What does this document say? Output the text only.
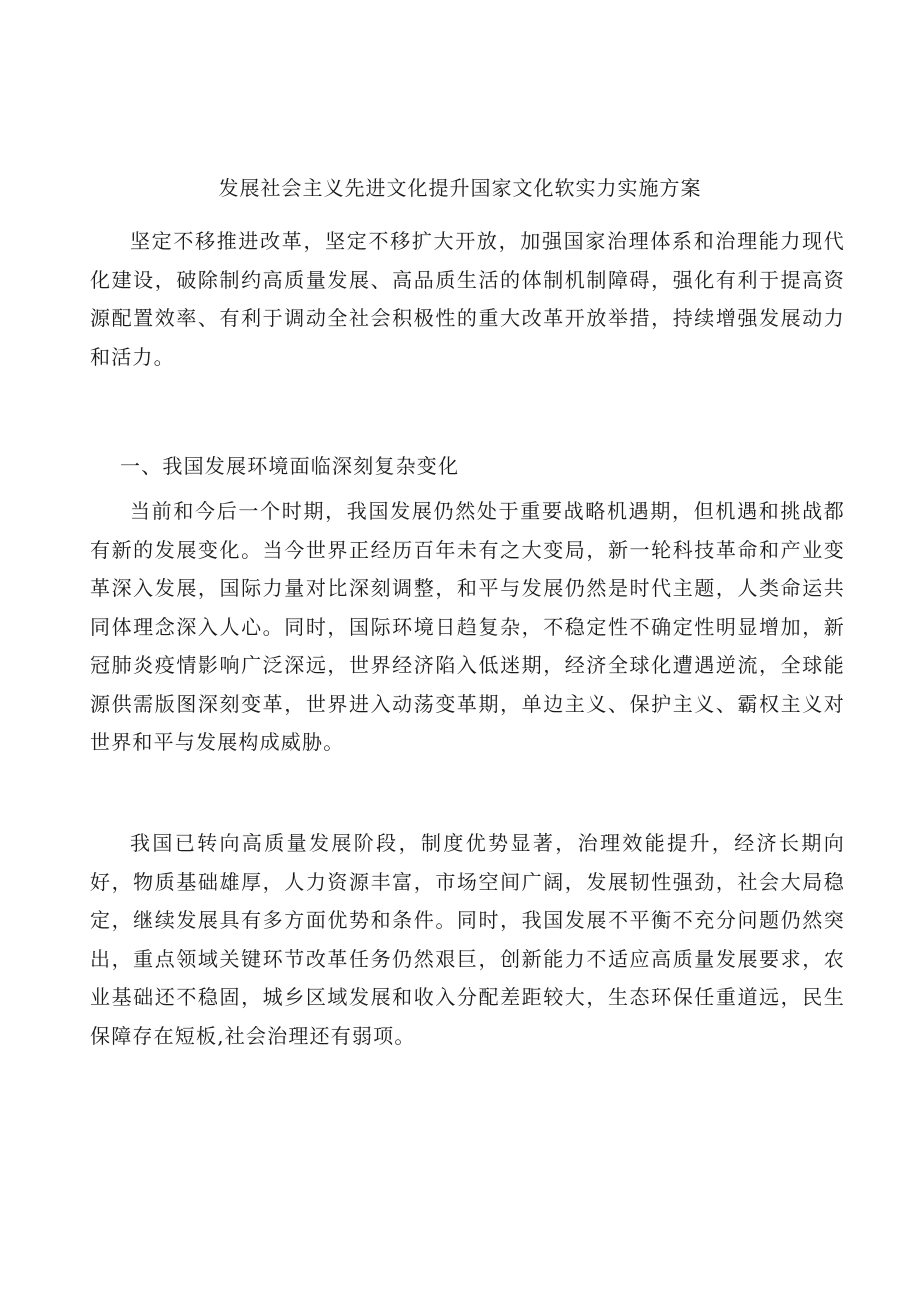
发展社会主义先进文化提升国家文化软实力实施方案

坚定不移推进改革，坚定不移扩大开放，加强国家治理体系和治理能力现代化建设，破除制约高质量发展、高品质生活的体制机制障碍，强化有利于提高资源配置效率、有利于调动全社会积极性的重大改革开放举措，持续增强发展动力和活力。

一、我国发展环境面临深刻复杂变化

当前和今后一个时期，我国发展仍然处于重要战略机遇期，但机遇和挑战都有新的发展变化。当今世界正经历百年未有之大变局，新一轮科技革命和产业变革深入发展，国际力量对比深刻调整，和平与发展仍然是时代主题，人类命运共同体理念深入人心。同时，国际环境日趋复杂，不稳定性不确定性明显增加，新冠肺炎疫情影响广泛深远，世界经济陷入低迷期，经济全球化遭遇逆流，全球能源供需版图深刻变革，世界进入动荡变革期，单边主义、保护主义、霸权主义对世界和平与发展构成威胁。

我国已转向高质量发展阶段，制度优势显著，治理效能提升，经济长期向好，物质基础雄厚，人力资源丰富，市场空间广阔，发展韧性强劲，社会大局稳定，继续发展具有多方面优势和条件。同时，我国发展不平衡不充分问题仍然突出，重点领域关键环节改革任务仍然艰巨，创新能力不适应高质量发展要求，农业基础还不稳固，城乡区域发展和收入分配差距较大，生态环保任重道远，民生保障存在短板,社会治理还有弱项。
